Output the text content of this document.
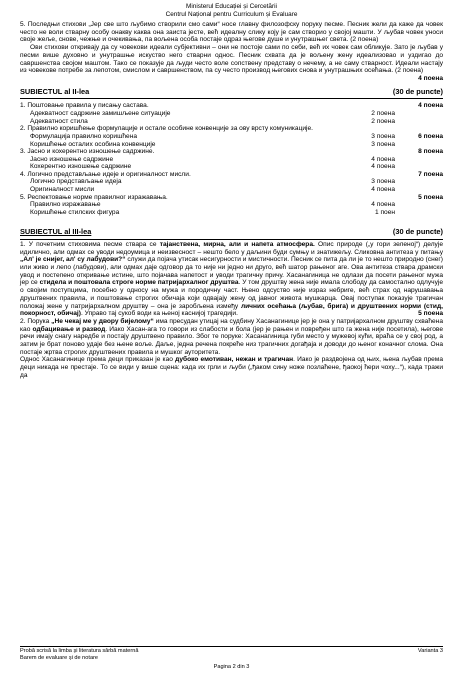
Ministerul Educației și Cercetării
Centrul Național pentru Curriculum și Evaluare

5. Последњи стихови „Јер све што љубимо створили смо сами“ носе главну филозофску поруку песме. Песник жели да каже да човек често не воли стварну особу онакву каква она заиста јесте, већ идеалну слику коју је сам створио у својој машти. У љубав човек уноси своје жеље, снове, чежње и очекивања, па вољена особа постаје одраз његове душе и унутрашњег света. (2 поена)

Ови стихови откривају да су човекови идеали субјективни – они не постоје сами по себи, већ их човек сам обликује. Зато је љубав у песми више духовно и унутрашње искуство него стварни однос. Песник схвата да је вољену жену идеализовао и уздигао до савршенства својом маштом. Тако се показује да људи често воле сопствену представу о нечему, а не саму стварност. Идеали настају из човекове потребе за лепотом, смислом и савршенством, па су често производ његових снова и унутрашњих осећања. (2 поена)
4 поена

SUBIECTUL al II-lea	(30 de puncte)
1. Поштовање правила у писању састава.	4 поена
Адекватност садржине замишљене ситуације	2 поена
Адекватност стила	2 поена
2. Правилно коришћење формулације и остале особине конвенције за ову врсту комуникације.
6 поена
Формулација правилно коришћена	3 поена
Коришћење осталих особина конвенције	3 поена
3. Јасно и кохерентно изношење садржине.	8 поена
Јасно изношење садржине	4 поена
Кохерентно изношење садржине	4 поена
4. Логично представљање идеје и оригиналност мисли.	7 поена
Логично представљање идеја	3 поена
Оригиналност мисли	4 поена
5. Респектовање норме правилног изражавања.	5 поена
Правилно изражавање	4 поена
Коришћење стилских фигура	1 поен
SUBIECTUL al III-lea	(30 de puncte)

1. У почетним стиховима песме ствара се тајанствена, мирна, али и напета атмосфера. Опис природе („у гори зеленој“) делује идилично, али одмах се уводи недоумица и неизвесност – нешто бело у даљини буди сумњу и знатижељу. Сликовна антитеза у питању „Ал' је снијег, ал' су лабудови?“ служи да појача утисак несигурности и мистичности. Песник се пита да ли је то нешто природно (снег) или живо и лепо (лабудови), али одмах даје одговор да то није ни једно ни друго, већ шатор рањеног аге. Ова антитеза ствара драмски увод и постепено откривање истине, што појачава напетост и уводи трагичну причу. Хасанагиница не одлази да посети рањеног мужа јер се стидела и поштовала строге норме патријархалног друштва. У том друштву жена није имала слободу да самостално одлучује о својим поступцима, посебно у односу на мужа и породичну част. Њено одсуство није израз небриге, већ страх од нарушавања друштвених правила, и поштовање строгих обичаја који одвајају жену од јавног живота мушкарца. Овај поступак показује трагичан положај жене у патријархалном друштву – она је заробљена између личних осећања (љубав, брига) и друштвених норми (стид, покорност, обичај). Управо тај сукоб води ка њеној каснијој трагедији.	5 поена

2. Порука „Не чекај ме у двору бијелому“ има пресудан утицај на судбину Хасанагинице јер је она у патријархалном друштву схваћена као одбацивање и развод. Иако Хасан-ага то говори из слабости и бола (јер је рањен и повређен што га жена није посетила), његове речи имају снагу наредбе и постају друштвено правило. Због те поруке: Хасанагиница губи место у мужевој кући, враћа се у свој род, а затим је брат поново удаје без њене воље. Даље, једна речена покреће низ трагичних догађаја и доводи до њеног коначног слома. Она постаје жртва строгих друштвених правила и мушког ауторитета.

Однос Хасанагинице према деци приказан је као дубоко емотиван, нежан и трагичан. Иако је раздвојена од њих, њена љубав према деци никада не престаје. То се види у више сцена: када их грли и љуби („ђаком сину ноже позлаћене, ђаокој ћери чоху...“), када тражи да

Probă scrisă la limba și literatura sârbă maternă	Varianta 3
Barem de evaluare și de notare
Pagina 2 din 3
